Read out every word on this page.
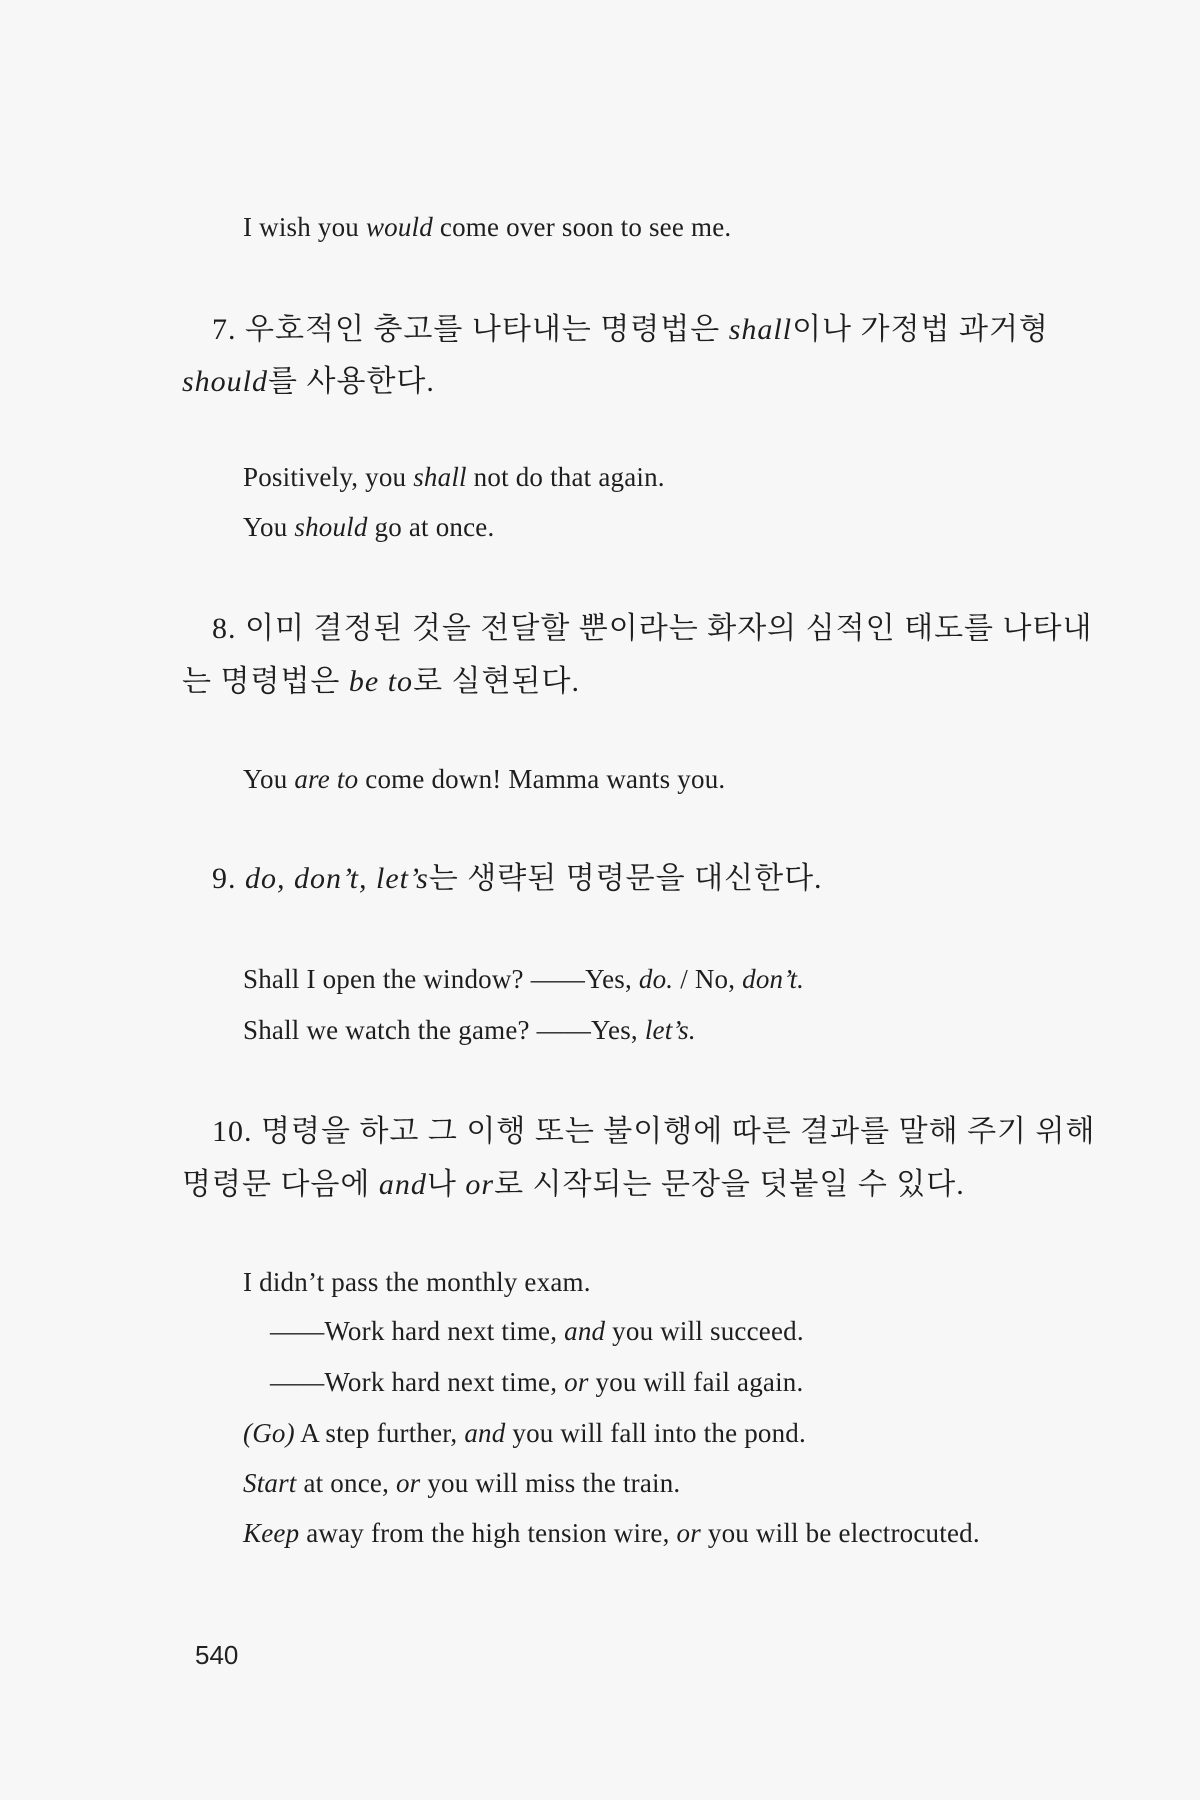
I wish you would come over soon to see me.
7. 우호적인 충고를 나타내는 명령법은 shall이나 가정법 과거형
should를 사용한다.
Positively, you shall not do that again.
You should go at once.
8. 이미 결정된 것을 전달할 뿐이라는 화자의 심적인 태도를 나타내
는 명령법은 be to로 실현된다.
You are to come down! Mamma wants you.
9. do, don’t, let’s는 생략된 명령문을 대신한다.
Shall I open the window? ——Yes, do. / No, don’t.
Shall we watch the game? ——Yes, let’s.
10. 명령을 하고 그 이행 또는 불이행에 따른 결과를 말해 주기 위해
명령문 다음에 and나 or로 시작되는 문장을 덧붙일 수 있다.
I didn’t pass the monthly exam.
——Work hard next time, and you will succeed.
——Work hard next time, or you will fail again.
(Go) A step further, and you will fall into the pond.
Start at once, or you will miss the train.
Keep away from the high tension wire, or you will be electrocuted.
540
